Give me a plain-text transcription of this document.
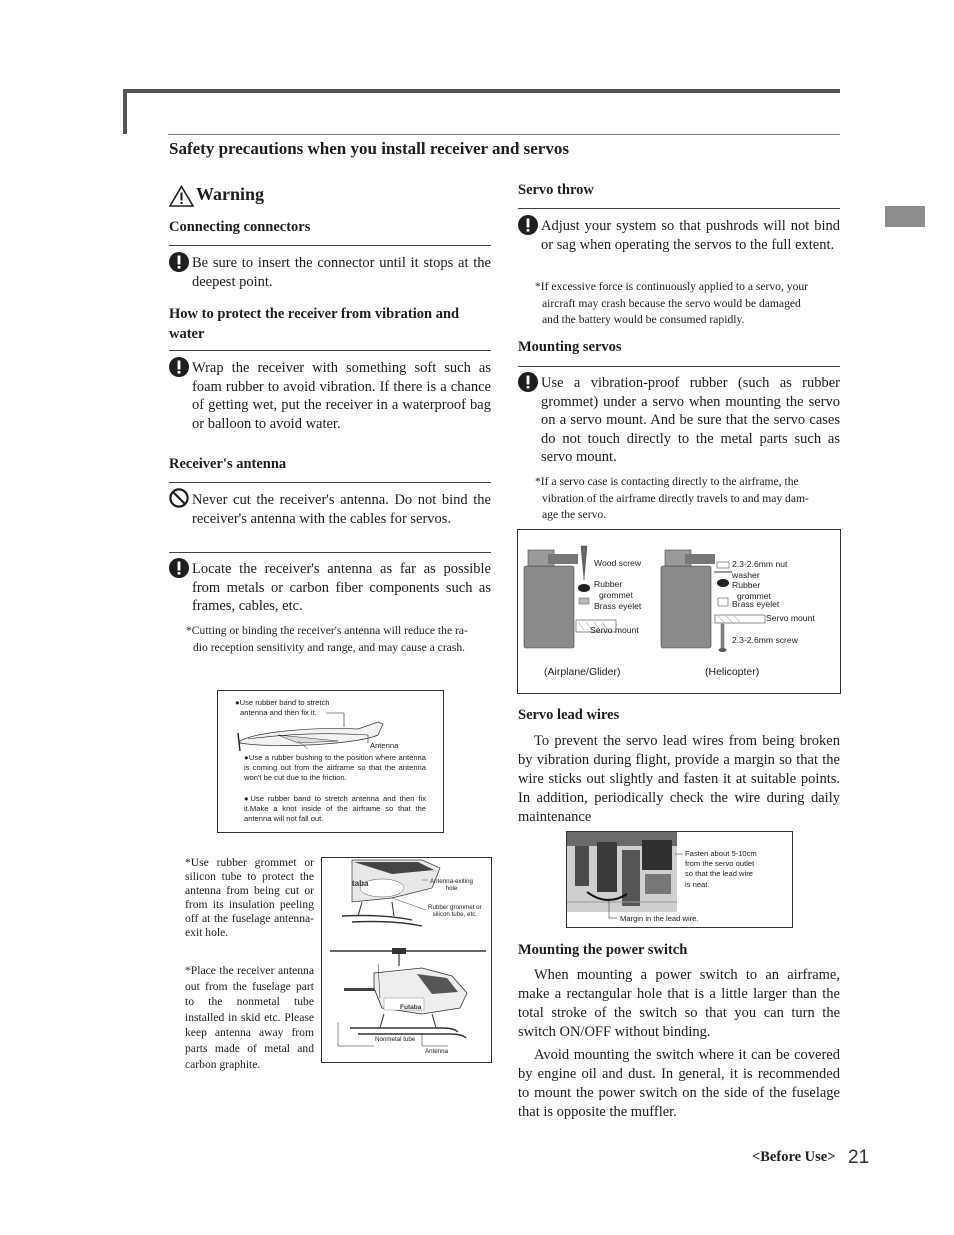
Safety precautions when you install receiver and servos
Warning
Connecting connectors
Be sure to insert the connector until it stops at the deepest point.
How to protect the receiver from vibration and
water
Wrap the receiver with something soft such as foam rubber to avoid vibration. If there is a chance of getting wet, put the receiver in a waterproof bag or balloon to avoid water.
Receiver's antenna
Never cut the receiver's antenna. Do not bind the receiver's antenna with the cables for servos.
Locate the receiver's antenna as far as possible from metals or carbon fiber components such as frames, cables, etc.
*Cutting or binding the receiver's antenna will reduce the ra-
dio reception sensitivity and range, and may cause a crash.
●Use rubber band to stretch
antenna and then fix it.
Antenna
●Use a rubber bushing to the position where antenna is coming out from the airframe so that the antenna won't be cut due to the friction.
●Use rubber band to stretch antenna and then fix it.Make a knot inside of the airframe so that the antenna will not fall out.
*Use rubber grommet or silicon tube to protect the antenna from being cut or from its insulation peeling off at the fuselage antenna-exit hole.
*Place the receiver antenna out from the fuselage part to the nonmetal tube installed in skid etc. Please keep antenna away from parts made of metal and carbon graphite.
taba
Futaba
Antenna-exiting
hole
Rubber grommet or
silicon tube, etc.
Nonmetal tube
Antenna
Servo throw
Adjust your system so that pushrods will not bind or sag when operating the servos to the full extent.
*If excessive force is continuously applied to a servo, your
aircraft may crash because the servo would be damaged
and the battery would be consumed rapidly.
Mounting servos
Use a vibration-proof rubber (such as rubber grommet) under a servo when mounting the servo on a servo mount. And be sure that the servo cases do not touch directly to the metal parts such as servo mount.
*If a servo case is contacting directly to the airframe, the
vibration of the airframe directly travels to and may dam-
age the servo.
Wood screw
Rubber
grommet
Brass eyelet
Servo mount
2.3-2.6mm nut
washer
Rubber
grommet
Brass eyelet
Servo mount
2.3-2.6mm screw
(Airplane/Glider)	(Helicopter)
Servo lead wires
To prevent the servo lead wires from being broken by vibration during flight, provide a margin so that the wire sticks out slightly and fasten it at suitable points. In addition, periodically check the wire during daily maintenance
Fasten about 5-10cm
from the servo outlet
so that the lead wire
is neat.
Margin in the lead wire.
Mounting the power switch
When mounting a power switch to an airframe, make a rectangular hole that is a little larger than the total stroke of the switch so that you can turn the switch ON/OFF without binding.
Avoid mounting the switch where it can be covered by engine oil and dust. In general, it is recommended to mount the power switch on the side of the fuselage that is opposite the muffler.
<Before Use> 21
